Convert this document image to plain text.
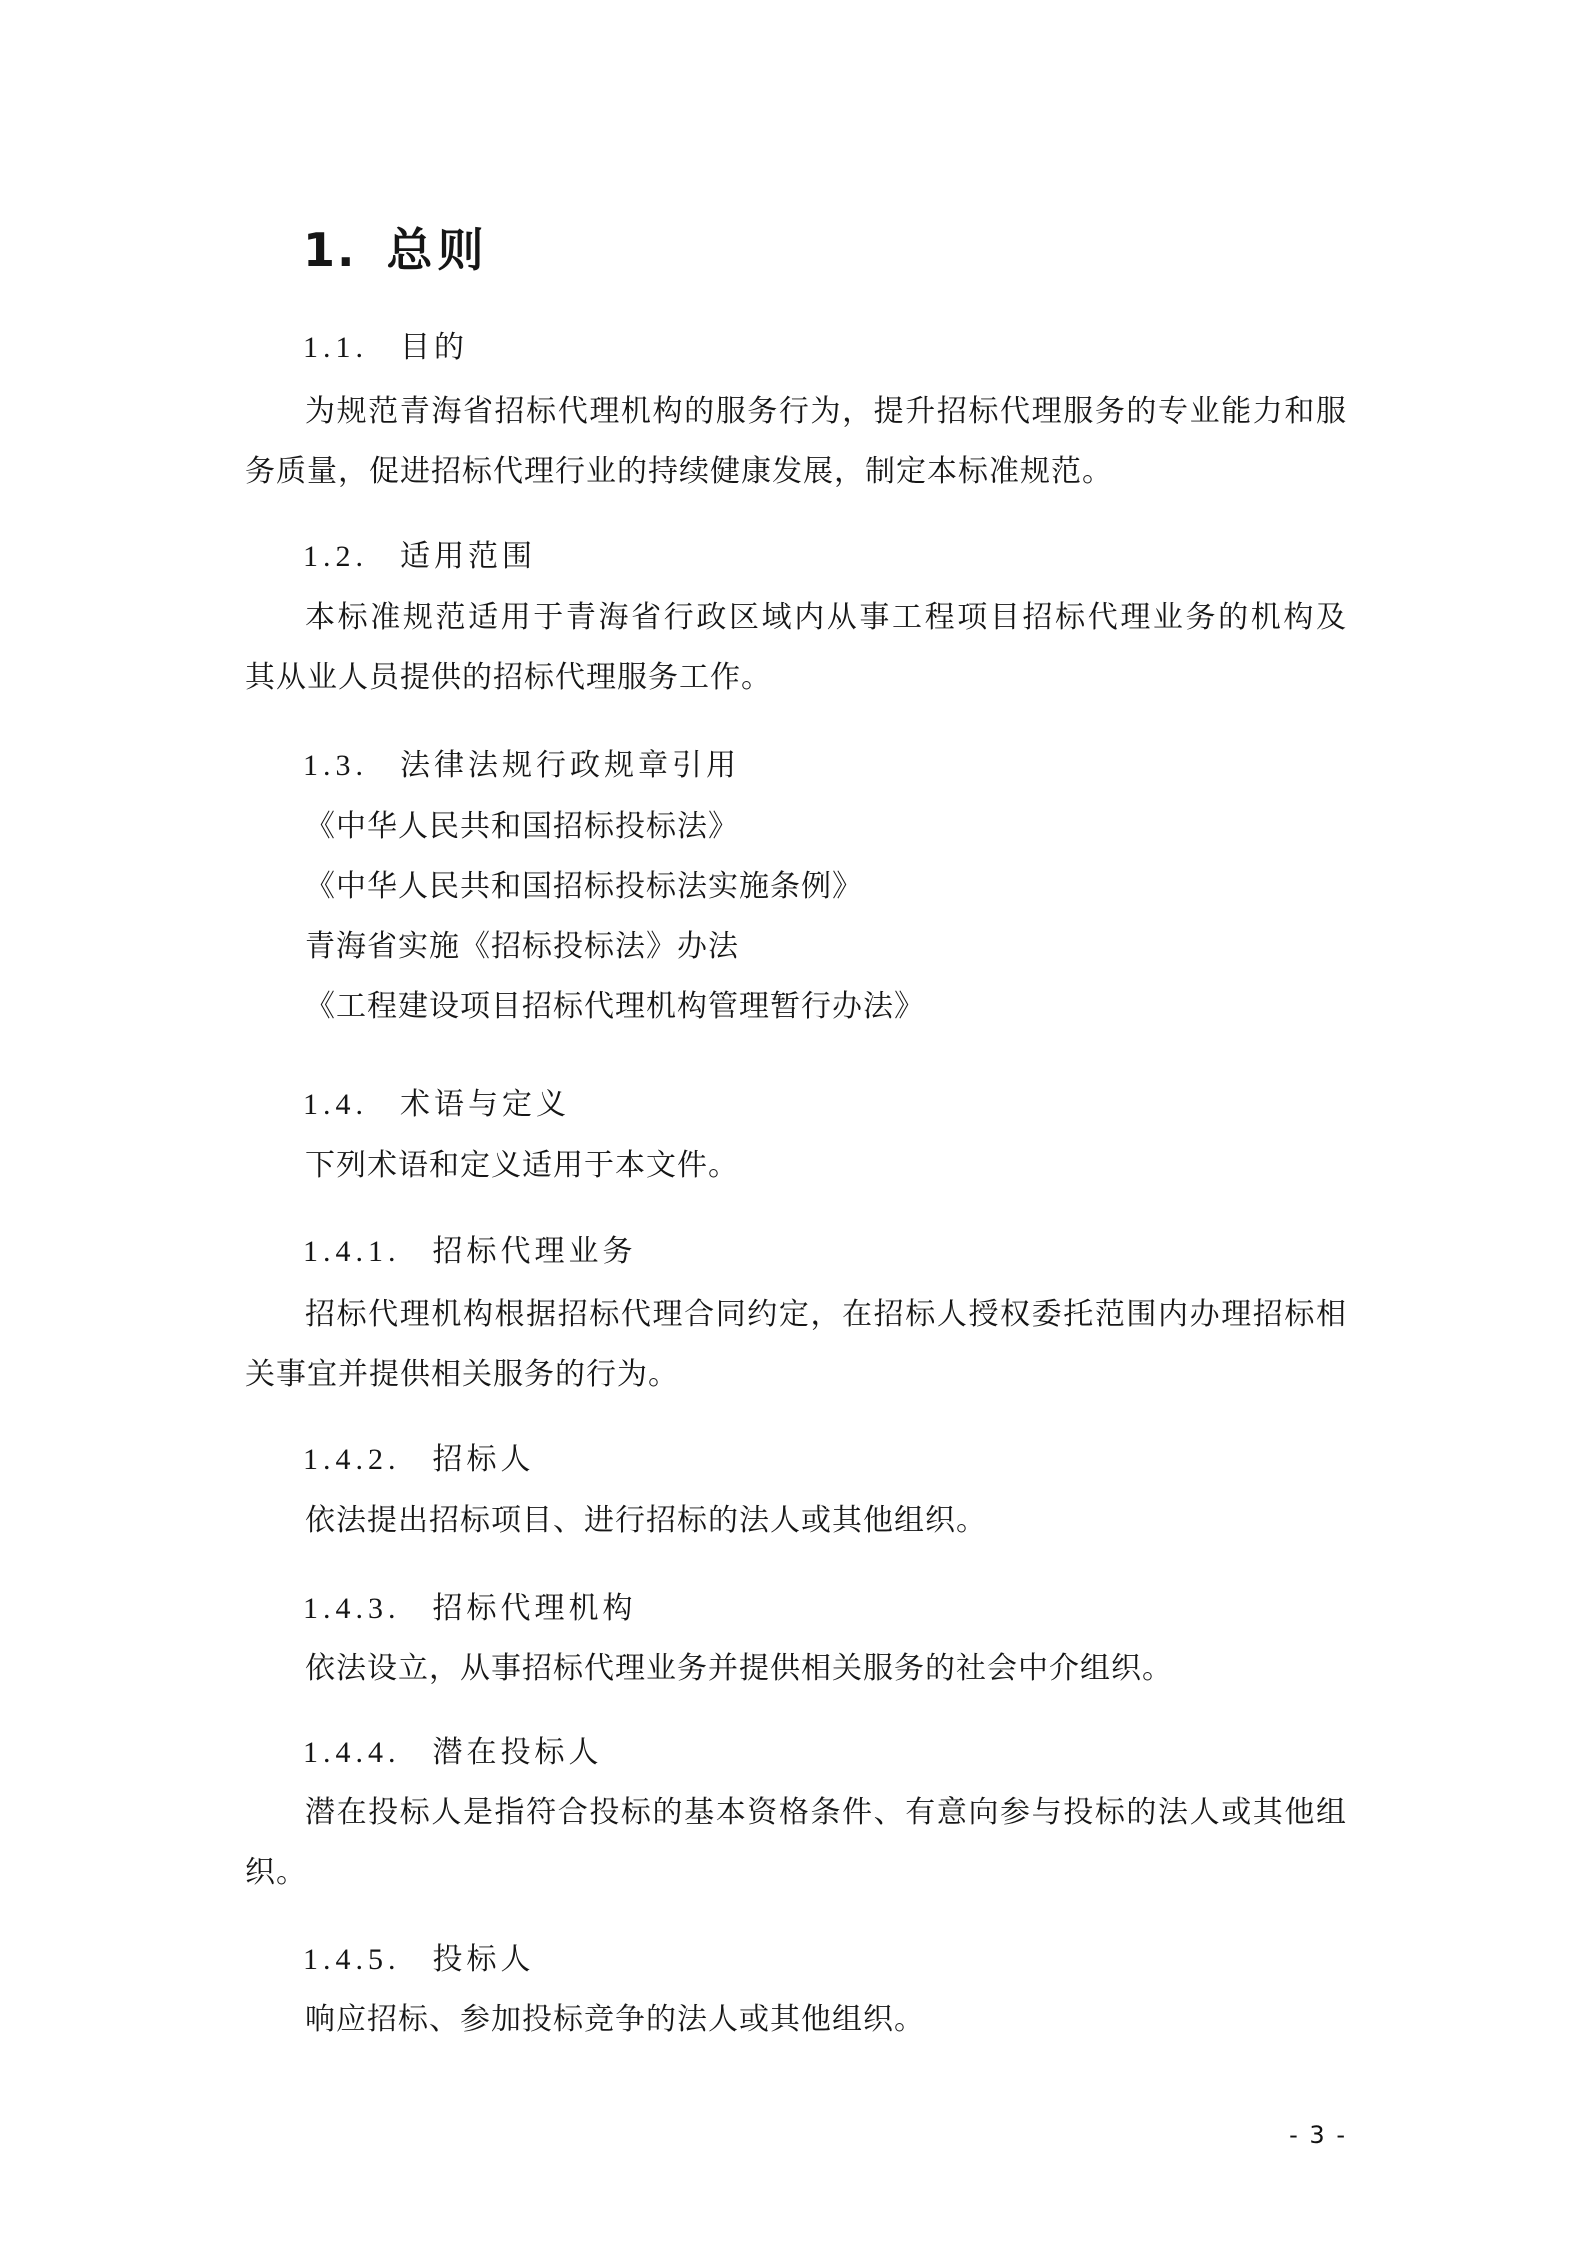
1. 总则
1.1. 目的
为规范青海省招标代理机构的服务行为，提升招标代理服务的专业能力和服
务质量，促进招标代理行业的持续健康发展，制定本标准规范。
1.2. 适用范围
本标准规范适用于青海省行政区域内从事工程项目招标代理业务的机构及
其从业人员提供的招标代理服务工作。
1.3. 法律法规行政规章引用
《中华人民共和国招标投标法》
《中华人民共和国招标投标法实施条例》
青海省实施《招标投标法》办法
《工程建设项目招标代理机构管理暂行办法》
1.4. 术语与定义
下列术语和定义适用于本文件。
1.4.1. 招标代理业务
招标代理机构根据招标代理合同约定，在招标人授权委托范围内办理招标相
关事宜并提供相关服务的行为。
1.4.2. 招标人
依法提出招标项目、进行招标的法人或其他组织。
1.4.3. 招标代理机构
依法设立，从事招标代理业务并提供相关服务的社会中介组织。
1.4.4. 潜在投标人
潜在投标人是指符合投标的基本资格条件、有意向参与投标的法人或其他组
织。
1.4.5. 投标人
响应招标、参加投标竞争的法人或其他组织。
- 3 -
